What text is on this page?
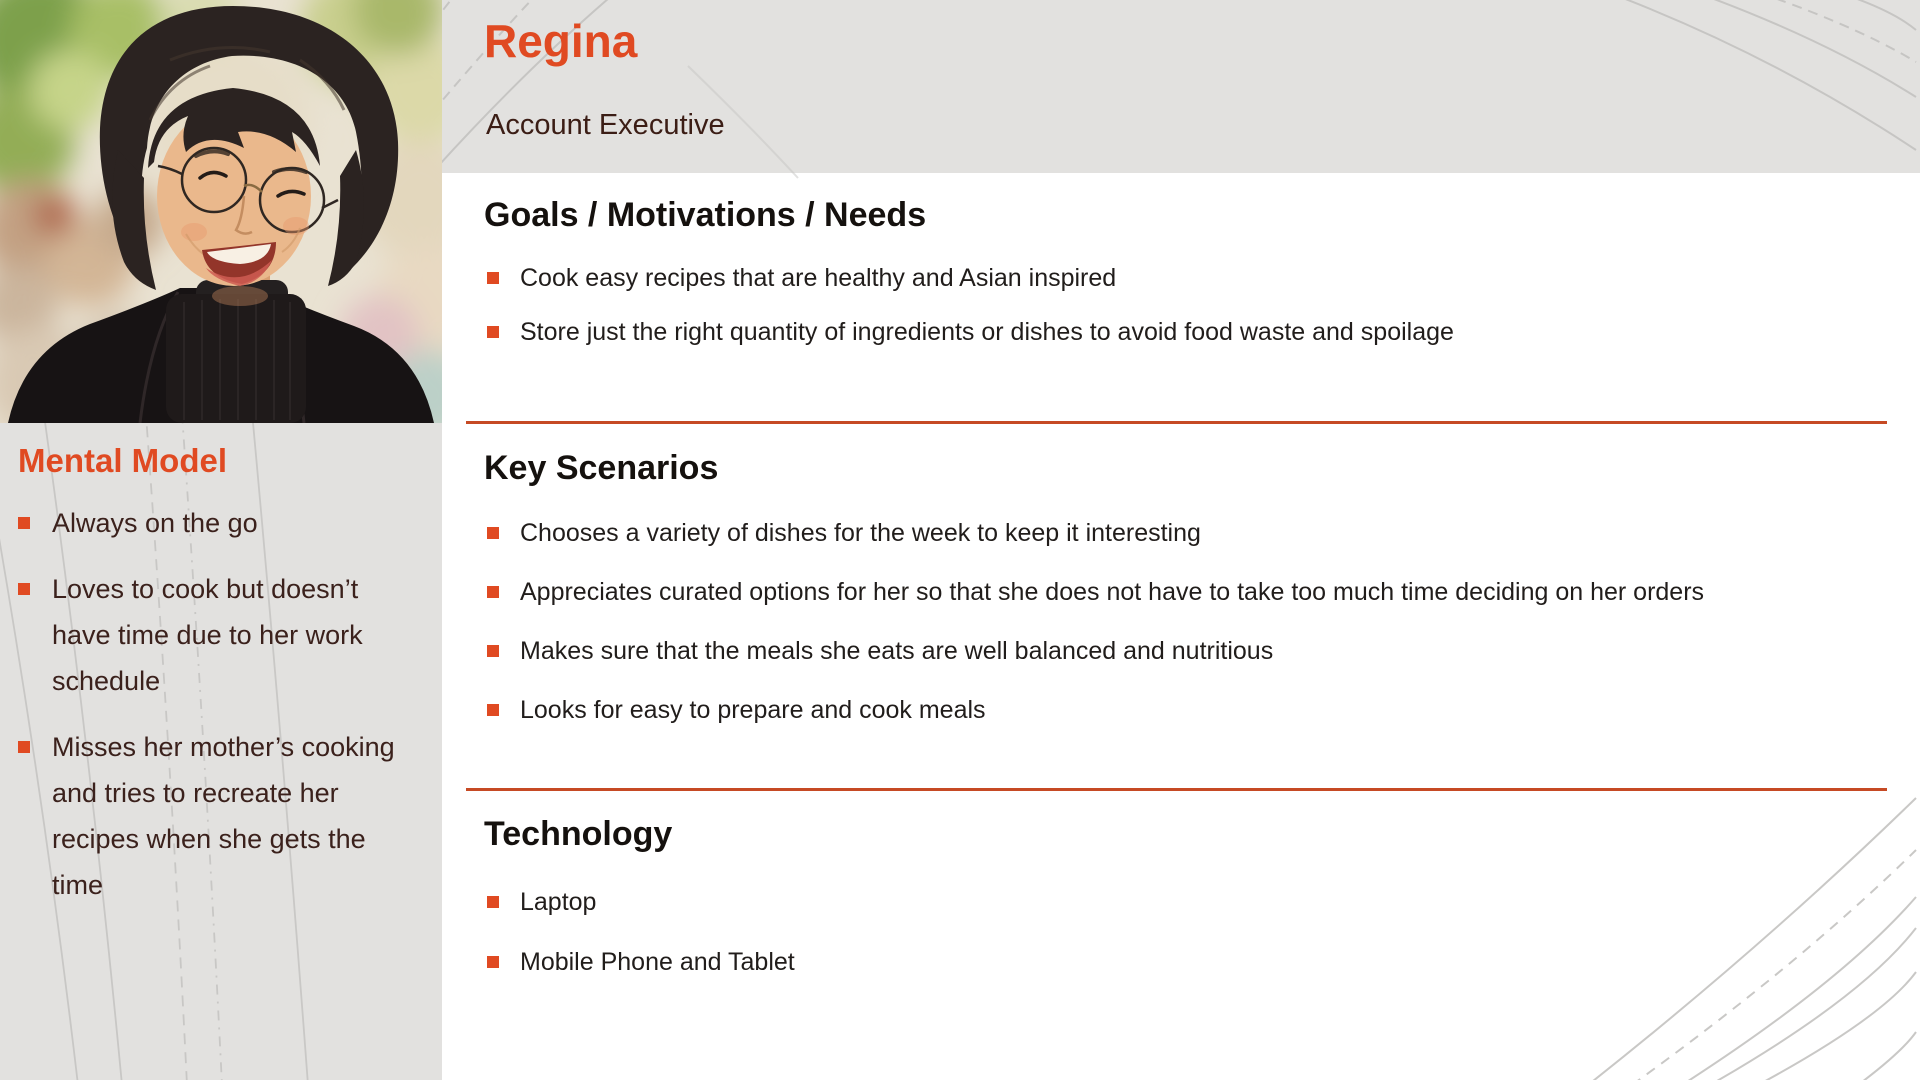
Regina
Account Executive
Mental Model
Always on the go
Loves to cook but doesn’t have time due to her work schedule
Misses her mother’s cooking and tries to recreate her recipes when she gets the time
Goals / Motivations / Needs
Cook easy recipes that are healthy and Asian inspired
Store just the right quantity of ingredients or dishes to avoid food waste and spoilage
Key Scenarios
Chooses a variety of dishes for the week to keep it interesting
Appreciates curated options for her so that she does not have to take too much time deciding on her orders
Makes sure that the meals she eats are well balanced and nutritious
Looks for easy to prepare and cook meals
Technology
Laptop
Mobile Phone and Tablet
